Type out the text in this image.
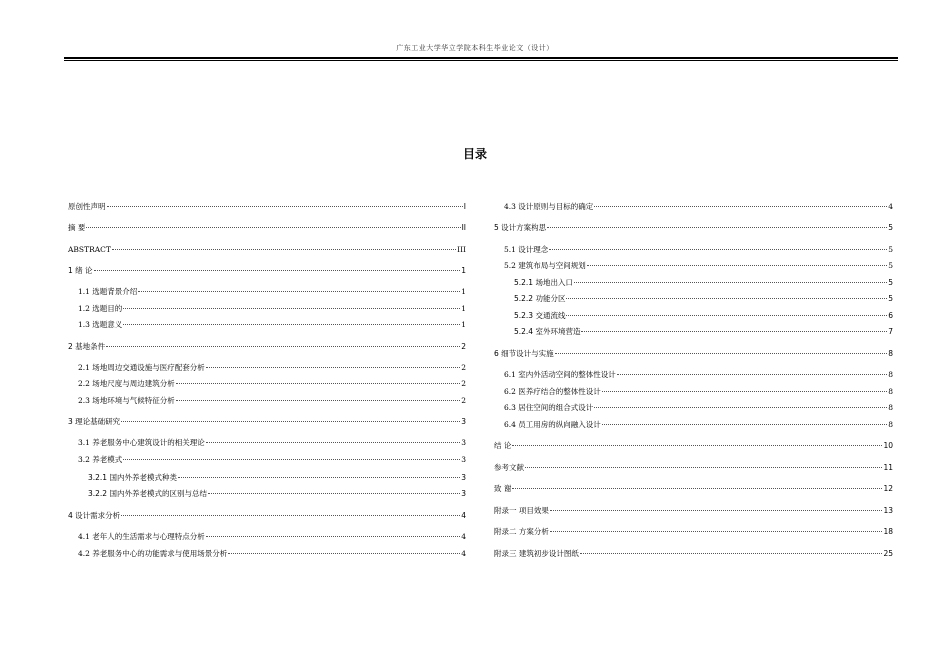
广东工业大学华立学院本科生毕业论文（设计）
目录
原创性声明	I
摘 要	II
ABSTRACT	III
1 绪 论	1
1.1 选题背景介绍	1
1.2 选题目的	1
1.3 选题意义	1
2 基地条件	2
2.1 场地周边交通设施与医疗配套分析	2
2.2 场地尺度与周边建筑分析	2
2.3 场地环境与气候特征分析	2
3 理论基础研究	3
3.1 养老服务中心建筑设计的相关理论	3
3.2 养老模式	3
3.2.1 国内外养老模式种类	3
3.2.2 国内外养老模式的区别与总结	3
4 设计需求分析	4
4.1 老年人的生活需求与心理特点分析	4
4.2 养老服务中心的功能需求与使用场景分析	4
4.3 设计原则与目标的确定	4
5 设计方案构思	5
5.1 设计理念	5
5.2 建筑布局与空间规划	5
5.2.1 场地出入口	5
5.2.2 功能分区	5
5.2.3 交通流线	6
5.2.4 室外环境营造	7
6 细节设计与实施	8
6.1 室内外活动空间的整体性设计	8
6.2 医养疗结合的整体性设计	8
6.3 居住空间的组合式设计	8
6.4 员工用房的纵向融入设计	8
结 论	10
参考文献	11
致 谢	12
附录一 项目效果	13
附录二 方案分析	18
附录三 建筑初步设计图纸	25
